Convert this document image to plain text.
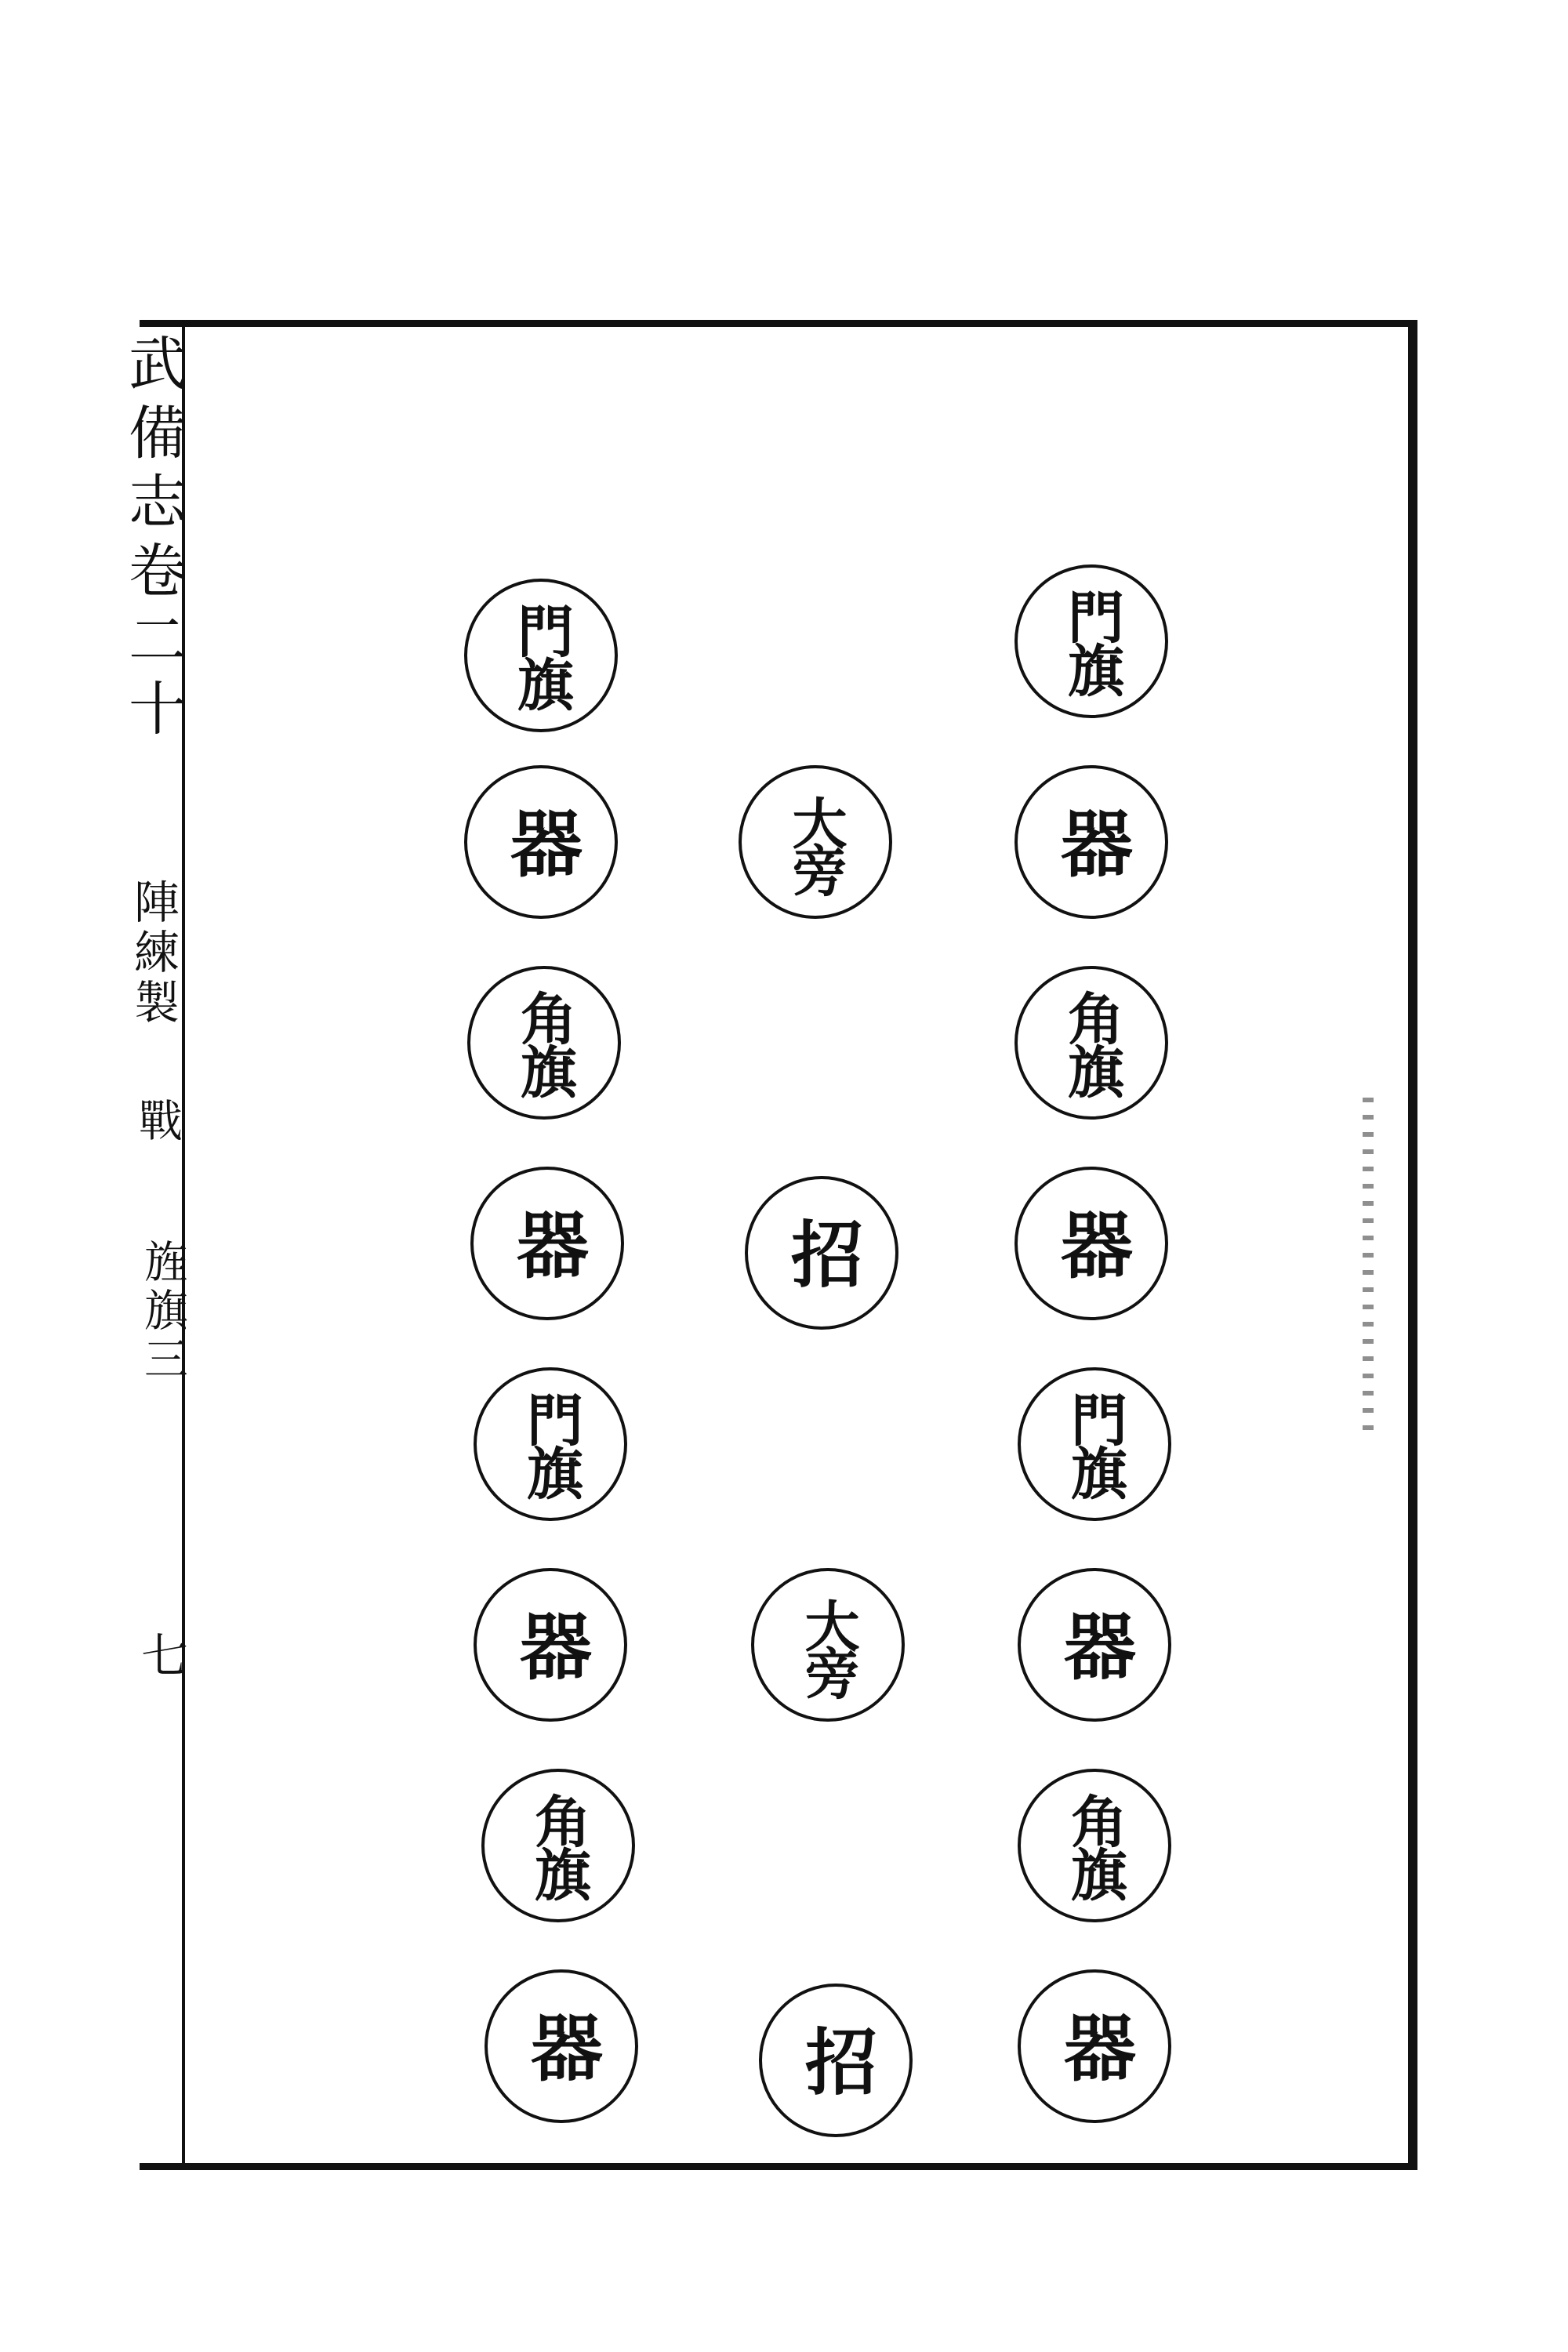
武備志卷二十
陣練製
戰
旌旗三
七
門旗
器
角旗
器
門旗
器
角旗
器
大旁
招
大旁
招
門旗
器
角旗
器
門旗
器
角旗
器
